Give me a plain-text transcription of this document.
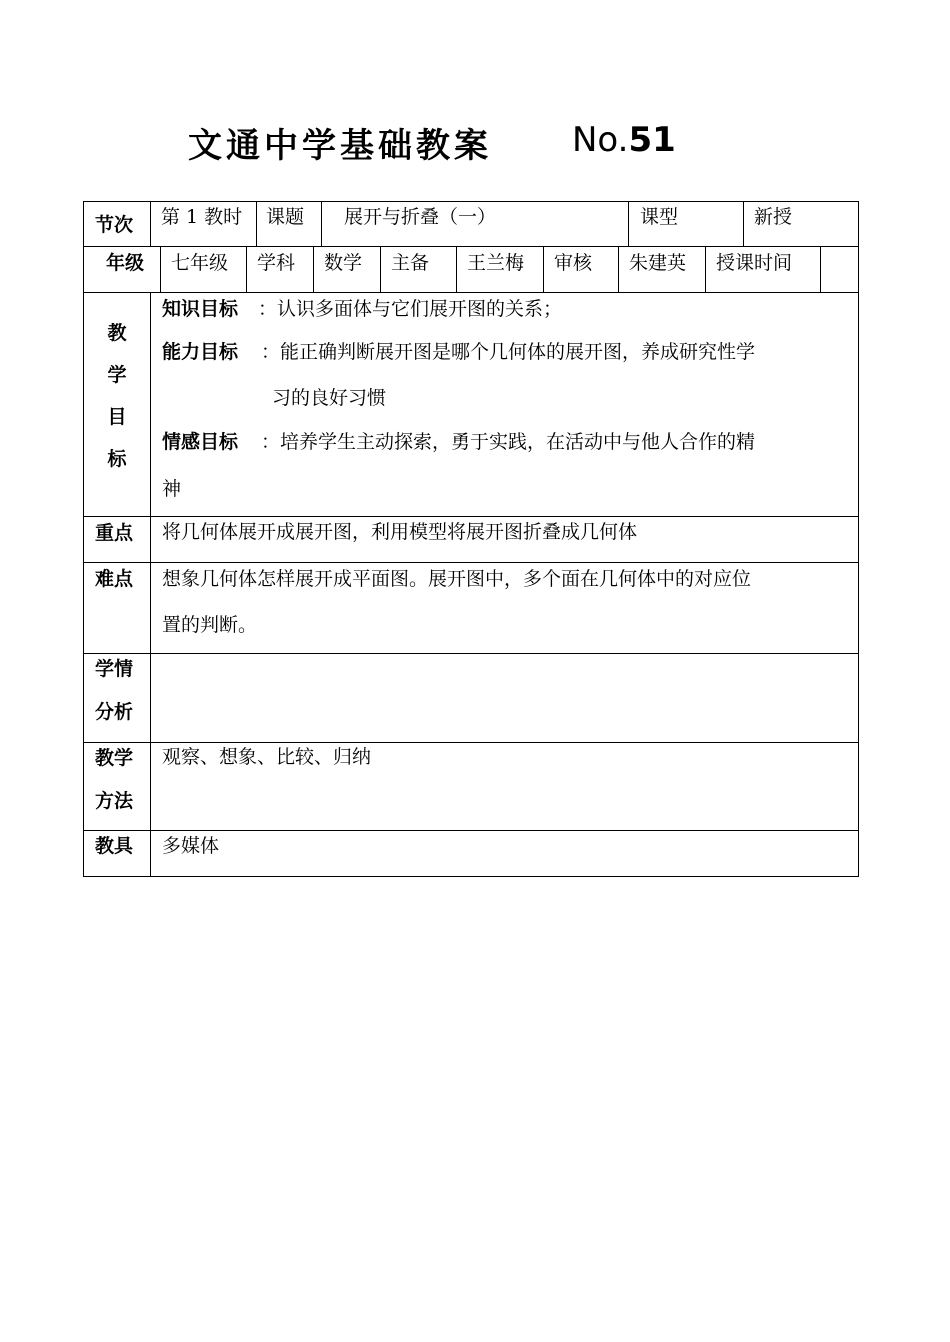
文通中学基础教案 No.51
节次 第 1 教时 课题 展开与折叠（一）	课型	新授
年级 七年级 学科 数学 主备 王兰梅 审核 朱建英 授课时间
教
学
目
标
知识目标 ：认识多面体与它们展开图的关系；
能力目标 ：能正确判断展开图是哪个几何体的展开图，养成研究性学
习的良好习惯
情感目标 ：培养学生主动探索，勇于实践，在活动中与他人合作的精
神
重点 将几何体展开成展开图，利用模型将展开图折叠成几何体
难点 想象几何体怎样展开成平面图。展开图中，多个面在几何体中的对应位
置的判断。
学情
分析
教学
方法
观察、想象、比较、归纳
教具 多媒体
